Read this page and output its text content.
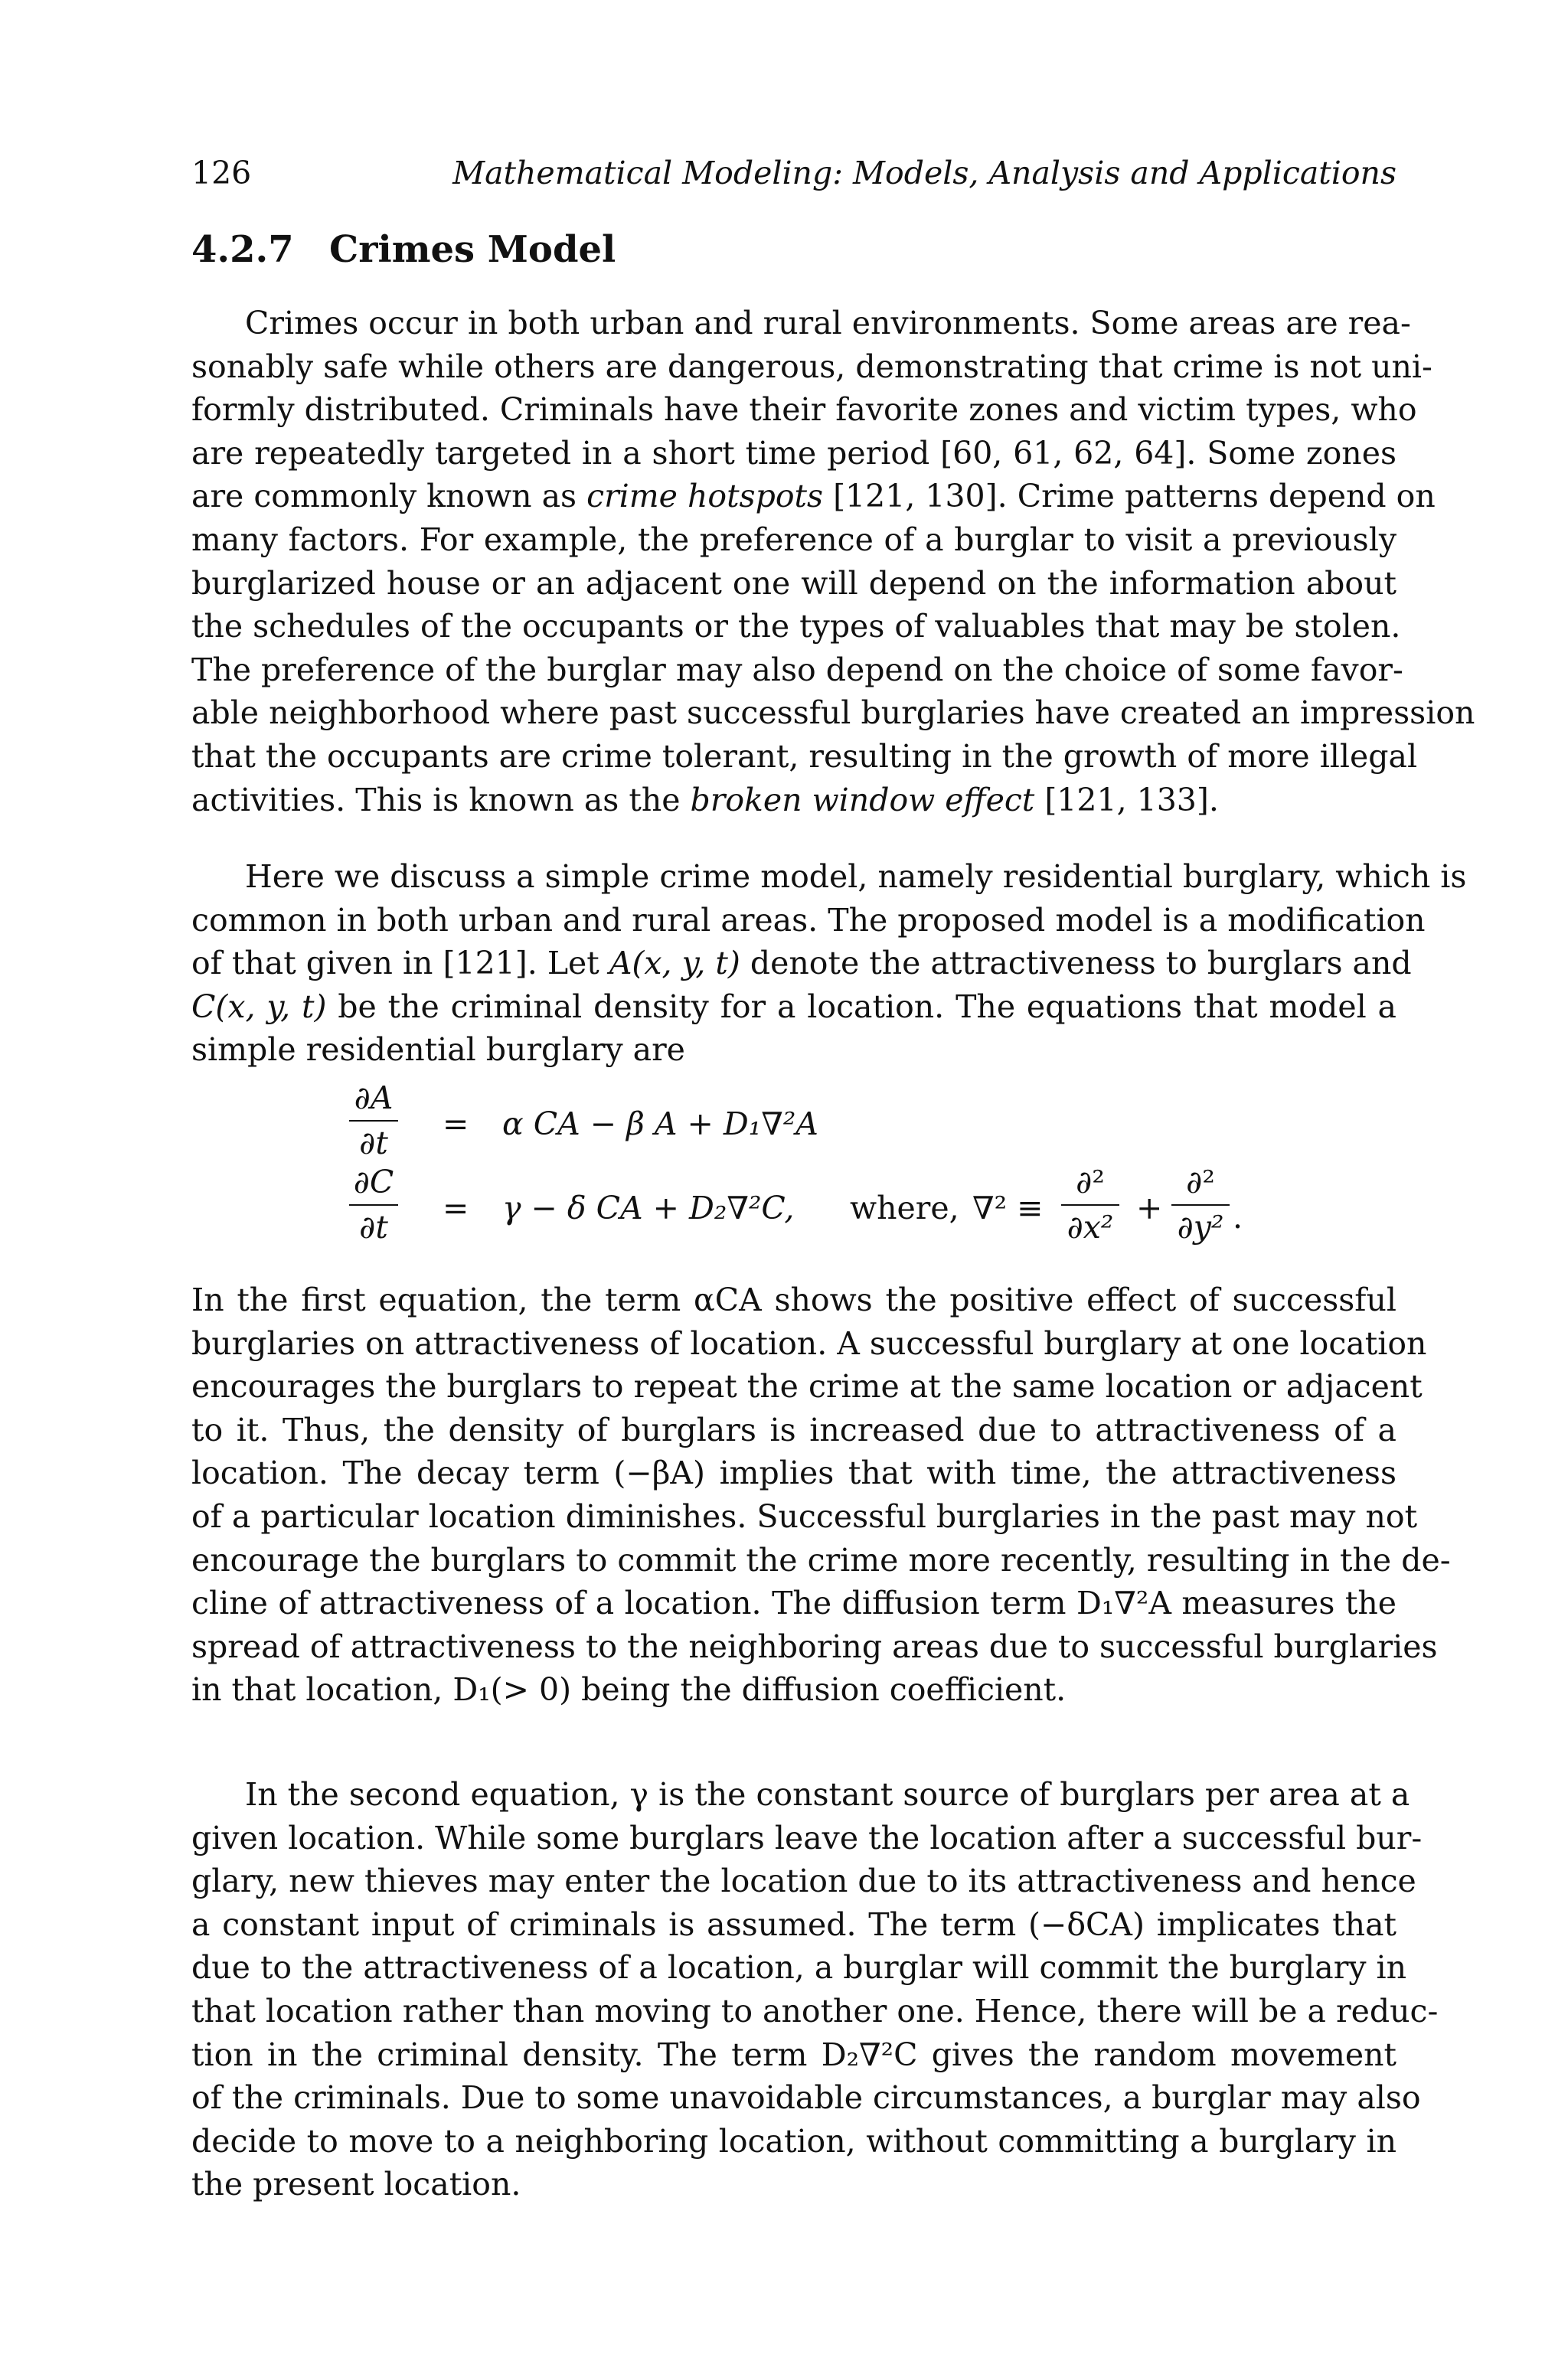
126	Mathematical Modeling: Models, Analysis and Applications
4.2.7 Crimes Model
Crimes occur in both urban and rural environments. Some areas are rea-
sonably safe while others are dangerous, demonstrating that crime is not uni-
formly distributed. Criminals have their favorite zones and victim types, who
are repeatedly targeted in a short time period [60, 61, 62, 64]. Some zones
are commonly known as crime hotspots [121, 130]. Crime patterns depend on
many factors. For example, the preference of a burglar to visit a previously
burglarized house or an adjacent one will depend on the information about
the schedules of the occupants or the types of valuables that may be stolen.
The preference of the burglar may also depend on the choice of some favor-
able neighborhood where past successful burglaries have created an impression
that the occupants are crime tolerant, resulting in the growth of more illegal
activities. This is known as the broken window effect [121, 133].
Here we discuss a simple crime model, namely residential burglary, which is
common in both urban and rural areas. The proposed model is a modification
of that given in [121]. Let A(x, y, t) denote the attractiveness to burglars and
C(x, y, t) be the criminal density for a location. The equations that model a
simple residential burglary are
∂A
∂t
= α CA − β A + D₁∇²A
∂C
∂t
= γ − δ CA + D₂∇²C, where, ∇² ≡
∂²
∂x²
+
∂²
∂y² .
In the first equation, the term αCA shows the positive effect of successful
burglaries on attractiveness of location. A successful burglary at one location
encourages the burglars to repeat the crime at the same location or adjacent
to it. Thus, the density of burglars is increased due to attractiveness of a
location. The decay term (−βA) implies that with time, the attractiveness
of a particular location diminishes. Successful burglaries in the past may not
encourage the burglars to commit the crime more recently, resulting in the de-
cline of attractiveness of a location. The diffusion term D₁∇²A measures the
spread of attractiveness to the neighboring areas due to successful burglaries
in that location, D₁(> 0) being the diffusion coefficient.
In the second equation, γ is the constant source of burglars per area at a
given location. While some burglars leave the location after a successful bur-
glary, new thieves may enter the location due to its attractiveness and hence
a constant input of criminals is assumed. The term (−δCA) implicates that
due to the attractiveness of a location, a burglar will commit the burglary in
that location rather than moving to another one. Hence, there will be a reduc-
tion in the criminal density. The term D₂∇²C gives the random movement
of the criminals. Due to some unavoidable circumstances, a burglar may also
decide to move to a neighboring location, without committing a burglary in
the present location.
